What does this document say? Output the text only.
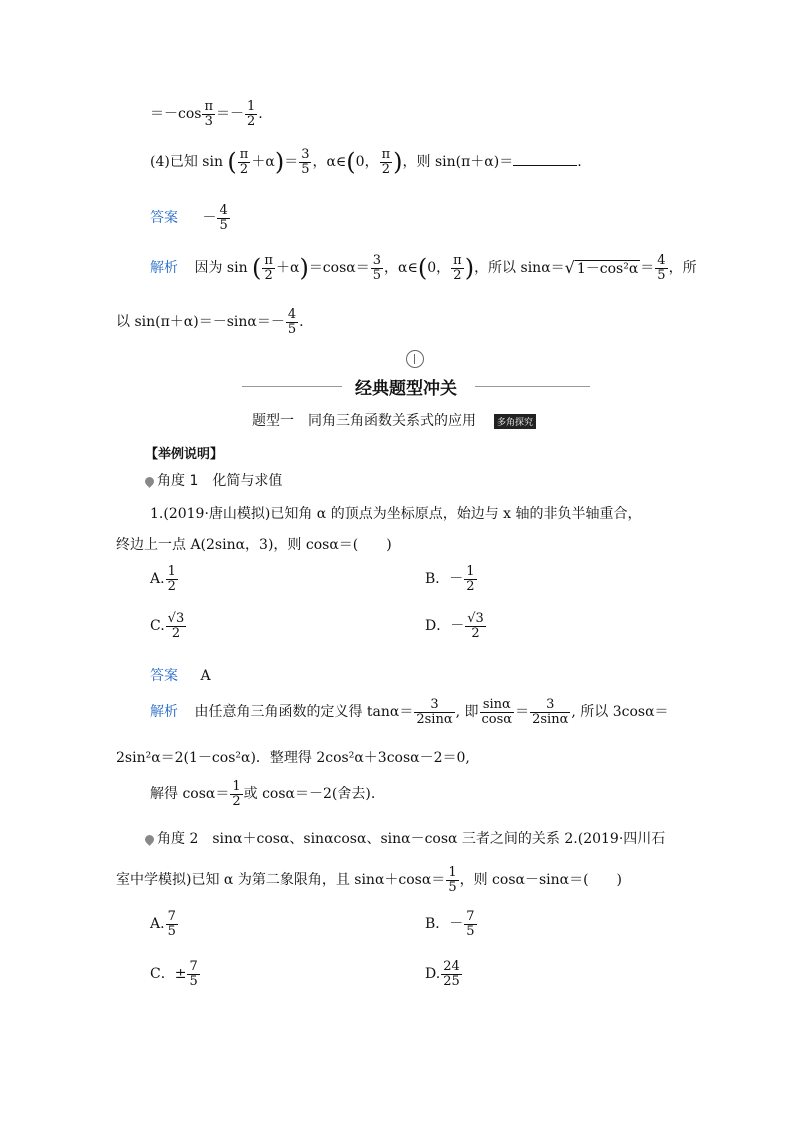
$=-\cos \frac{\pi}{3} =- \frac{1}{2}$ .
(4)已知 sin ( $\frac{\pi}{2} +\alpha)= \frac{3}{5}$ ，α∈(0， $\frac{\pi}{2}$ )，则 sin(π＋α)＝	.
答案 － $\frac{4}{5}$
解析 因为 sin ( $\frac{\pi}{2} +\alpha)=\cos\alpha= \frac{3}{5}$ ，α∈(0， $\frac{\pi}{2}$ )，所以 sinα＝√ $1-\cos^2\alpha = \frac{4}{5}$ ，所
以 $\sin(\pi+\alpha)=-\sin\alpha=- \frac{4}{5}$ .
经典题型冲关
题型一　同角三角函数关系式的应用 多角探究
【举例说明】
角度 1　化简与求值
1.(2019·唐山模拟)已知角 α 的顶点为坐标原点，始边与 x 轴的非负半轴重合，
终边上一点 A(2sinα，3)，则 cosα＝(　　)
A. $\frac{1}{2}$	B．－ $\frac{1}{2}$
C. $\frac{√3}{2}$	D．－ $\frac{√3}{2}$
答案 A
解析 由任意角三角函数的定义得 $\tan\alpha= \frac{3}{2\sin\alpha}$ , 即 $\frac{\sin\alpha}{\cos\alpha} = \frac{3}{2\sin\alpha}$ , 所以 3cosα＝
2sin²α＝2(1－cos²α)．整理得 2cos²α＋3cosα－2＝0,
解得 $\cos\alpha= \frac{1}{2}$ 或 cosα＝－2(舍去).
角度 2　sinα＋cosα、sinαcosα、sinα－cosα 三者之间的关系 2.(2019·四川石
室中学模拟)已知 α 为第二象限角，且 $\sin\alpha+\cos\alpha= \frac{1}{5}$ ，则 cosα－sinα＝(　　)
A. $\frac{7}{5}$	B．－ $\frac{7}{5}$
C．± $\frac{7}{5}$	D. $\frac{24}{25}$
